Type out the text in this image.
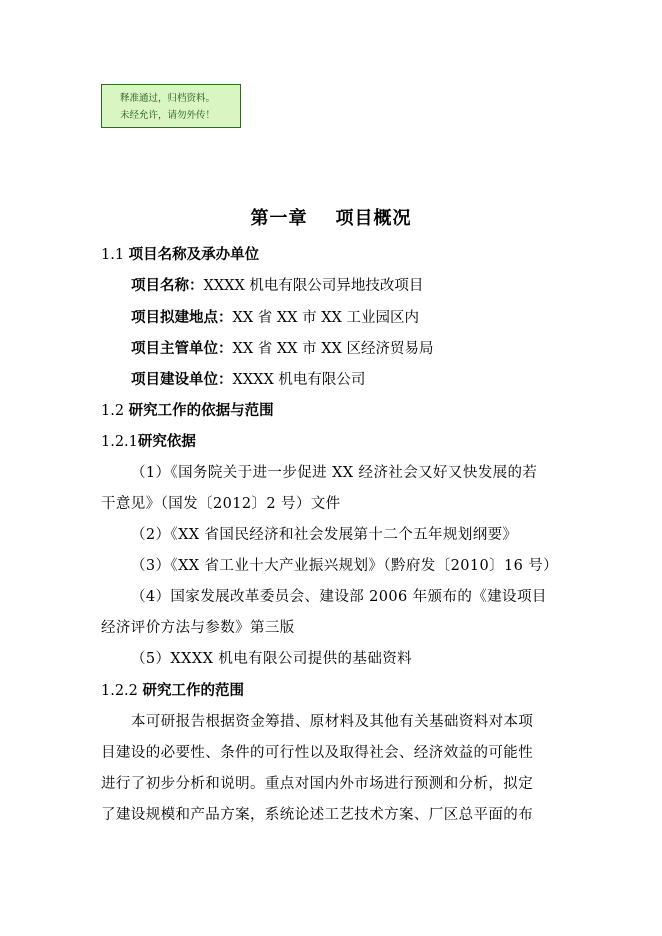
释准通过，归档资料。
未经允许，请勿外传！
第一章 项目概况
1.1 项目名称及承办单位
项目名称：XXXX 机电有限公司异地技改项目
项目拟建地点：XX 省 XX 市 XX 工业园区内
项目主管单位：XX 省 XX 市 XX 区经济贸易局
项目建设单位：XXXX 机电有限公司
1.2 研究工作的依据与范围
1.2.1研究依据
（1）《国务院关于进一步促进 XX 经济社会又好又快发展的若
干意见》（国发〔2012〕2 号）文件
（2）《XX 省国民经济和社会发展第十二个五年规划纲要》
（3）《XX 省工业十大产业振兴规划》（黔府发〔2010〕16 号）
（4）国家发展改革委员会、建设部 2006 年颁布的《建设项目
经济评价方法与参数》第三版
（5）XXXX 机电有限公司提供的基础资料
1.2.2 研究工作的范围
本可研报告根据资金筹措、原材料及其他有关基础资料对本项
目建设的必要性、条件的可行性以及取得社会、经济效益的可能性
进行了初步分析和说明。重点对国内外市场进行预测和分析，拟定
了建设规模和产品方案，系统论述工艺技术方案、厂区总平面的布
